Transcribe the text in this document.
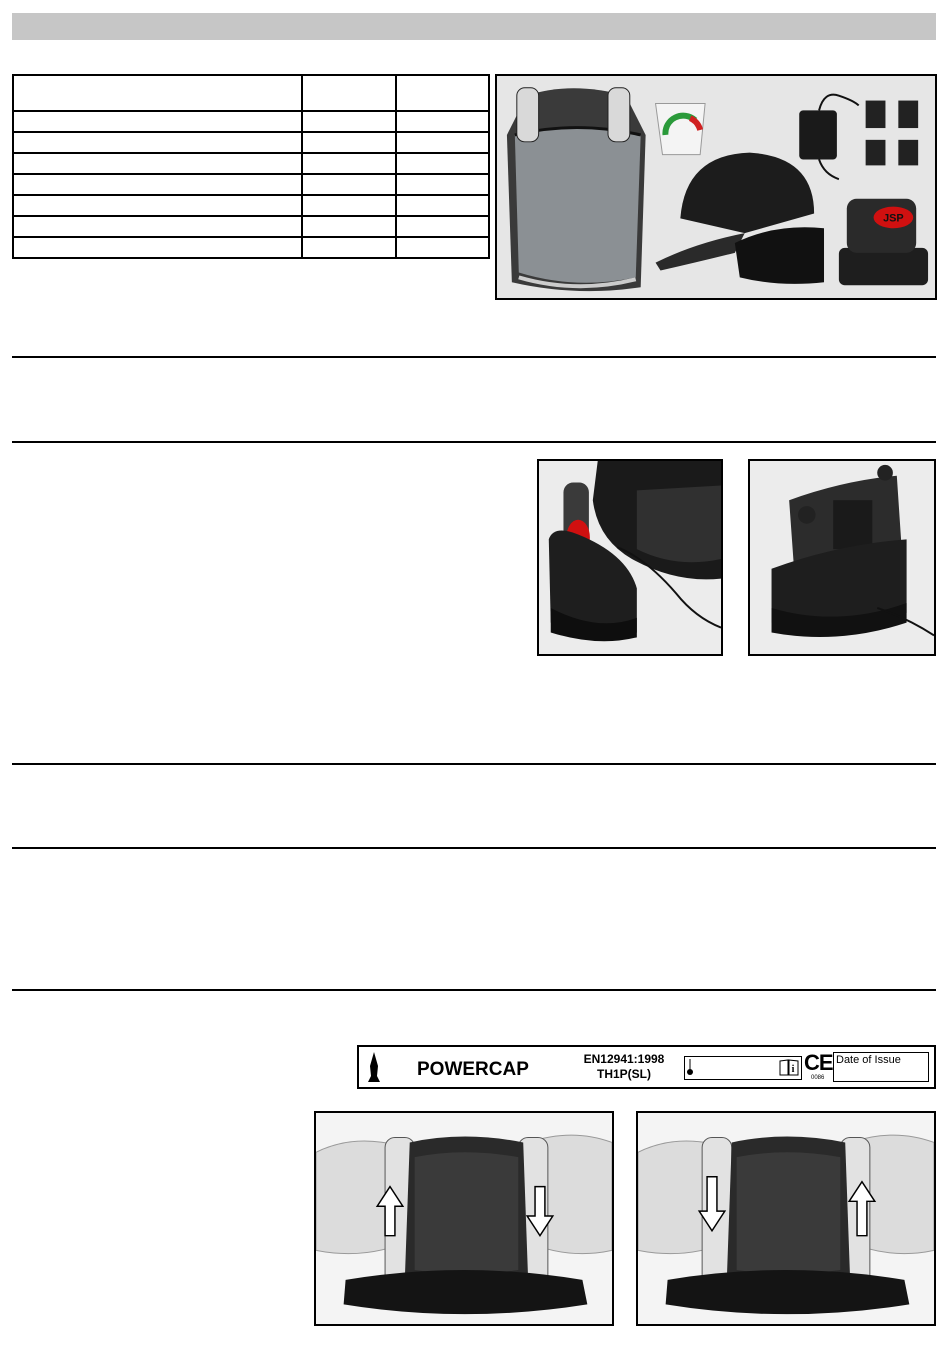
JSP
POWERCAP	EN12941:1998
TH1P(SL)	i CE
0086
Date of Issue
